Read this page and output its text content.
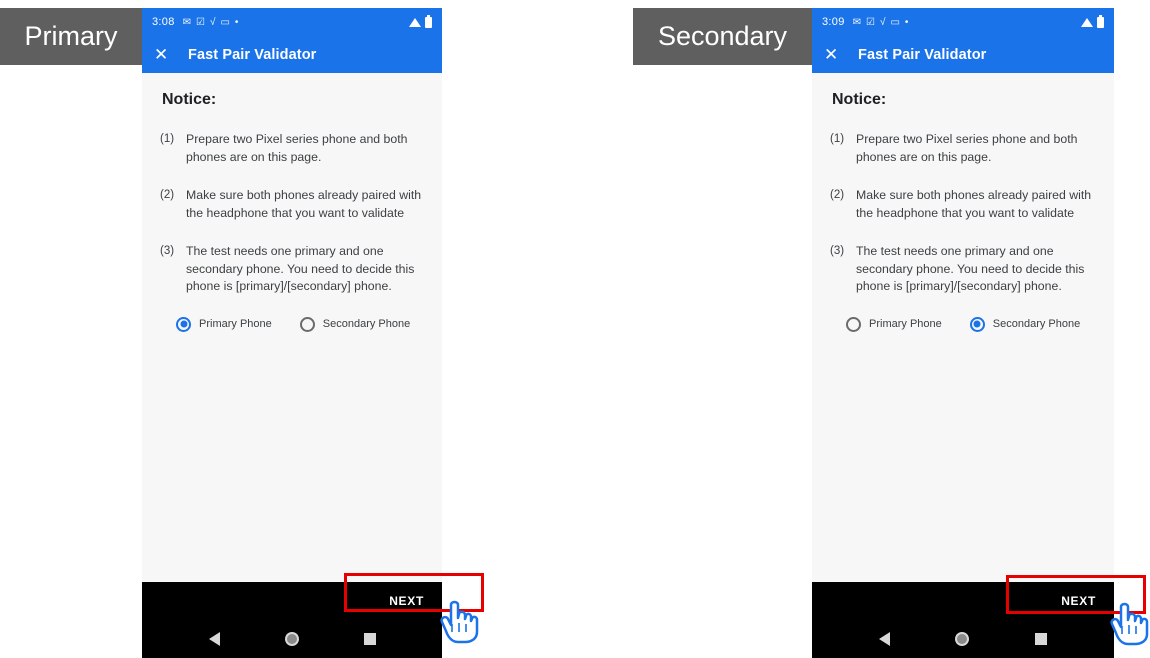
3:08 ✉ ☑ √ ▭ •
✕	Fast Pair Validator
Notice:
(1) Prepare two Pixel series phone and both phones are on this page.
(2) Make sure both phones already paired with the headphone that you want to validate
(3) The test needs one primary and one secondary phone. You need to decide this phone is [primary]/[secondary] phone.
Primary Phone	Secondary Phone
NEXT
3:09 ✉ ☑ √ ▭ •
✕	Fast Pair Validator
Notice:
(1) Prepare two Pixel series phone and both phones are on this page.
(2) Make sure both phones already paired with the headphone that you want to validate
(3) The test needs one primary and one secondary phone. You need to decide this phone is [primary]/[secondary] phone.
Primary Phone	Secondary Phone
NEXT
Primary	Secondary
